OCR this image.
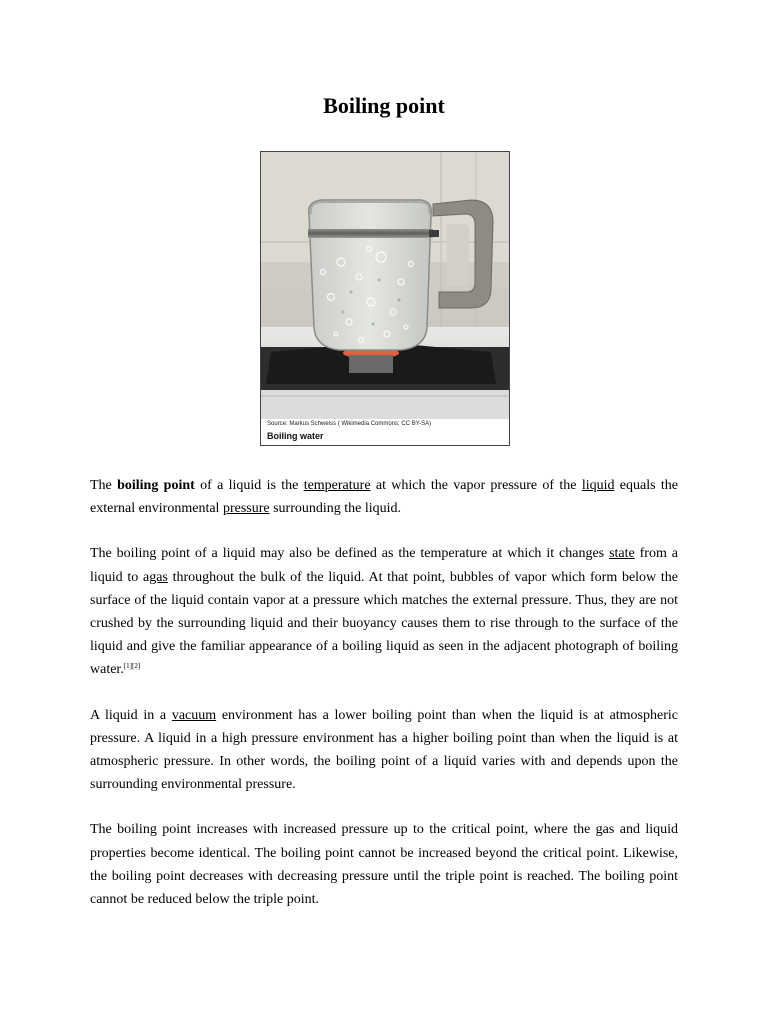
Boiling point
Source: Markus Schweiss ( Wikimedia Commons; CC BY-SA)
Boiling water

The boiling point of a liquid is the temperature at which the vapor pressure of the liquid equals the external environmental pressure surrounding the liquid.

The boiling point of a liquid may also be defined as the temperature at which it changes state from a liquid to agas throughout the bulk of the liquid. At that point, bubbles of vapor which form below the surface of the liquid contain vapor at a pressure which matches the external pressure. Thus, they are not crushed by the surrounding liquid and their buoyancy causes them to rise through to the surface of the liquid and give the familiar appearance of a boiling liquid as seen in the adjacent photograph of boiling water.[1][2]

A liquid in a vacuum environment has a lower boiling point than when the liquid is at atmospheric pressure. A liquid in a high pressure environment has a higher boiling point than when the liquid is at atmospheric pressure. In other words, the boiling point of a liquid varies with and depends upon the surrounding environmental pressure.

The boiling point increases with increased pressure up to the critical point, where the gas and liquid properties become identical. The boiling point cannot be increased beyond the critical point. Likewise, the boiling point decreases with decreasing pressure until the triple point is reached. The boiling point cannot be reduced below the triple point.
